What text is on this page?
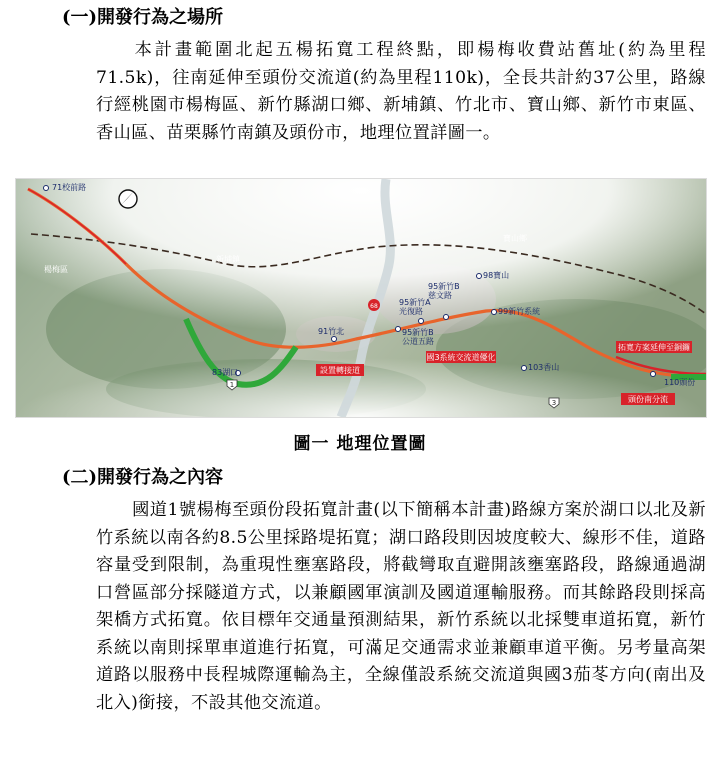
(一)開發行為之場所
本計畫範圍北起五楊拓寬工程終點，即楊梅收費站舊址(約為里程71.5k)，往南延伸至頭份交流道(約為里程110k)，全長共計約37公里，路線行經桃園市楊梅區、新竹縣湖口鄉、新埔鎮、竹北市、寶山鄉、新竹市東區、香山區、苗栗縣竹南鎮及頭份市，地理位置詳圖一。
1
3
68
71校前路
83湖口
91竹北
95新竹A
光復路
95新竹B
公道五路
95新竹B
慈文路
98寶山
99新竹系統
103香山
110頭份
新埔鎮
寶山鄉
楊梅區
設置轉接道
國3系統交流道優化
拓寬方案延伸至銅鑼
頭份南分流
圖一 地理位置圖
(二)開發行為之內容
國道1號楊梅至頭份段拓寬計畫(以下簡稱本計畫)路線方案於湖口以北及新竹系統以南各約8.5公里採路堤拓寬；湖口路段則因坡度較大、線形不佳，道路容量受到限制，為重現性壅塞路段，將截彎取直避開該壅塞路段，路線通過湖口營區部分採隧道方式，以兼顧國軍演訓及國道運輸服務。而其餘路段則採高架橋方式拓寬。依目標年交通量預測結果，新竹系統以北採雙車道拓寬，新竹系統以南則採單車道進行拓寬，可滿足交通需求並兼顧車道平衡。另考量高架道路以服務中長程城際運輸為主，全線僅設系統交流道與國3茄苳方向(南出及北入)銜接，不設其他交流道。
